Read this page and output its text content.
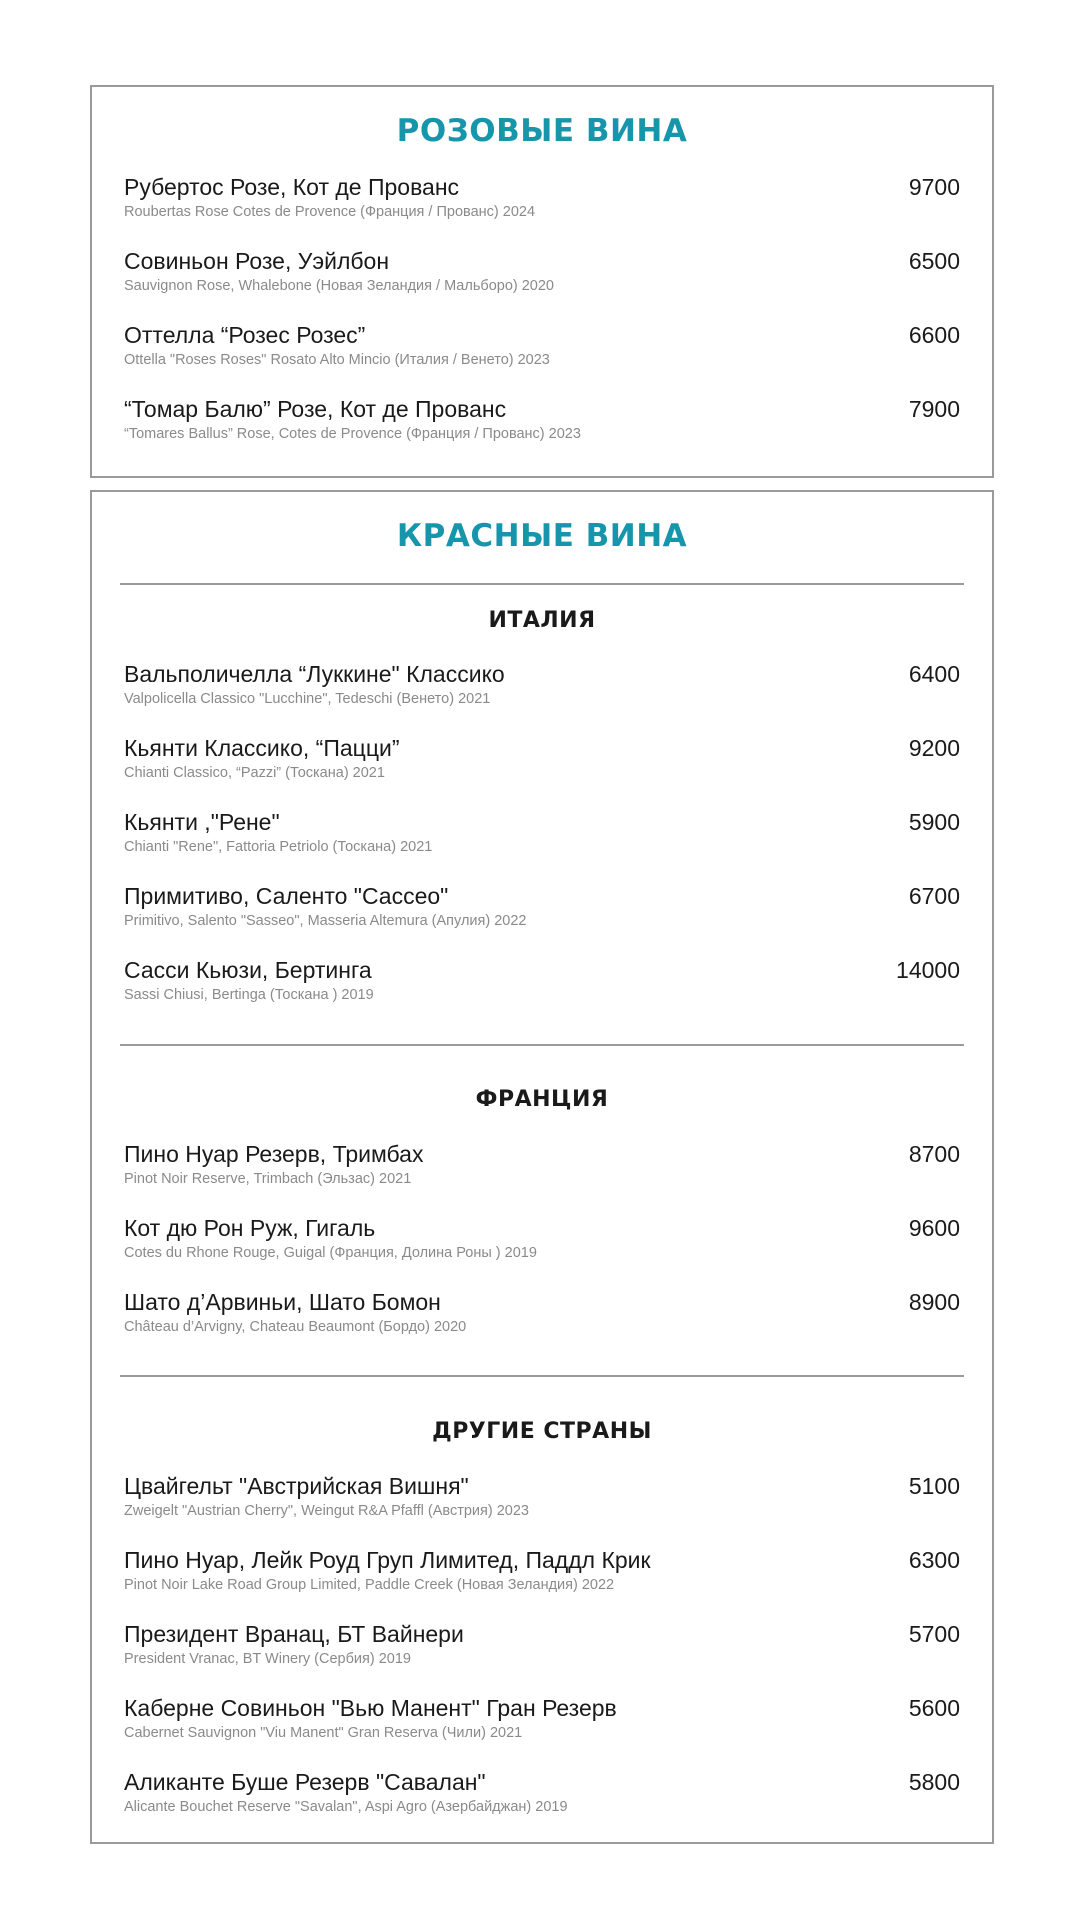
РОЗОВЫЕ ВИНА
Рубертос Розе, Кот де Прованс
Roubertas Rose Cotes de Provence (Франция / Прованс) 2024
9700
Совиньон Розе, Уэйлбон
Sauvignon Rose, Whalebone (Новая Зеландия / Мальборо) 2020
6500
Оттелла “Розес Розес”
Ottella "Roses Roses" Rosato Alto Mincio (Италия / Венето) 2023
6600
“Томар Балю” Розе, Кот де Прованс
“Tomares Ballus” Rose, Cotes de Provence (Франция / Прованс) 2023
7900
КРАСНЫЕ ВИНА
ИТАЛИЯ
Вальполичелла “Луккине" Классико
Valpolicella Classico "Lucchine", Tedeschi (Венето) 2021
6400
Кьянти Классико, “Пацци”
Chianti Classico, “Pazzi” (Тоскана) 2021
9200
Кьянти ,"Рене"
Chianti "Rene", Fattoria Petriolo (Тоскана) 2021
5900
Примитиво, Саленто "Сассео"
Primitivo, Salento "Sasseo", Masseria Altemura (Апулия) 2022
6700
Сасси Кьюзи, Бертинга
Sassi Chiusi, Bertinga (Тоскана ) 2019
14000
ФРАНЦИЯ
Пино Нуар Резерв, Тримбах
Pinot Noir Reserve, Trimbach (Эльзас) 2021
8700
Кот дю Рон Руж, Гигаль
Cotes du Rhone Rouge, Guigal (Франция, Долина Роны ) 2019
9600
Шато д’Арвиньи, Шато Бомон
Château d’Arvigny, Chateau Beaumont (Бордо) 2020
8900
ДРУГИЕ СТРАНЫ
Цвайгельт "Австрийская Вишня"
Zweigelt "Austrian Cherry", Weingut R&A Pfaffl (Австрия) 2023
5100
Пино Нуар, Лейк Роуд Груп Лимитед, Паддл Крик
Pinot Noir Lake Road Group Limited, Paddle Creek (Новая Зеландия) 2022
6300
Президент Вранац, БТ Вайнери
President Vranac, BT Winery (Сербия) 2019
5700
Каберне Совиньон "Вью Манент" Гран Резерв
Cabernet Sauvignon "Viu Manent" Gran Reserva (Чили) 2021
5600
Аликанте Буше Резерв "Савалан"
Alicante Bouchet Reserve "Savalan", Aspi Agro (Азербайджан) 2019
5800
